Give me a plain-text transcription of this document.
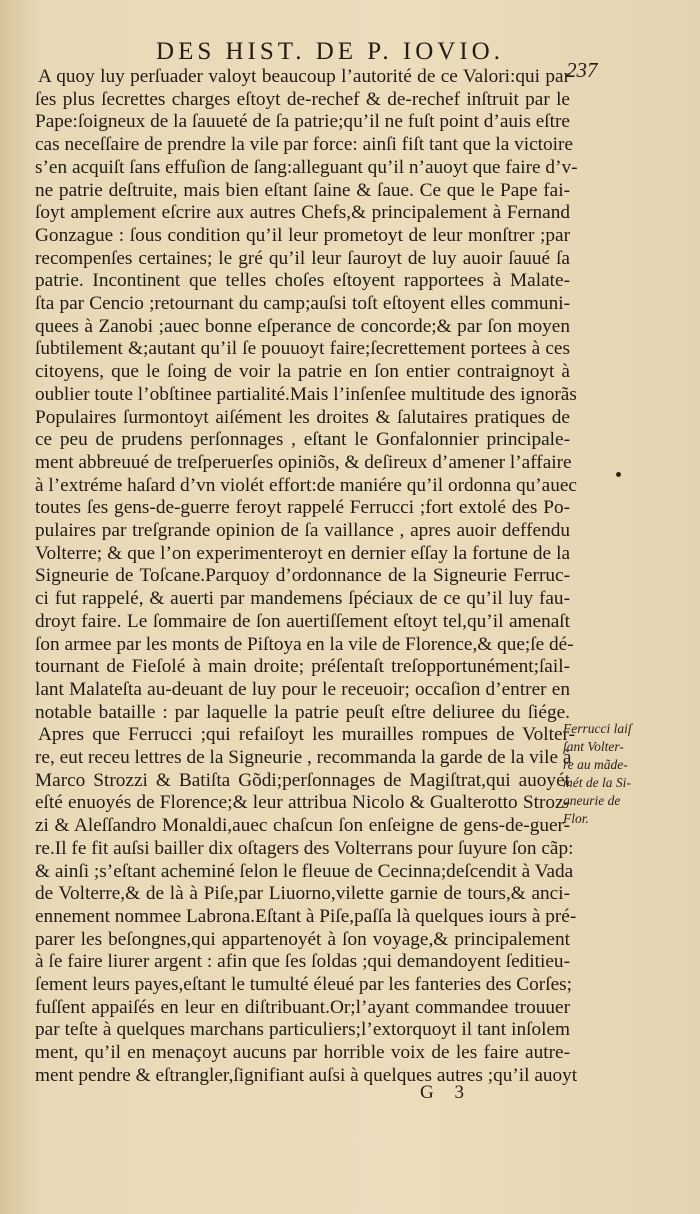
DES HIST. DE P. IOVIO.
237
A quoy luy perſuader valoyt beaucoup l’autorité de ce Valori:qui par
ſes plus ſecrettes charges eſtoyt de-rechef & de-rechef inſtruit par le
Pape:ſoigneux de la ſauueté de ſa patrie;qu’il ne fuſt point d’auis eſtre
cas neceſſaire de prendre la vile par force: ainſi fiſt tant que la victoire
s’en acquiſt ſans effuſion de ſang:alleguant qu’il n’auoyt que faire d’v-
ne patrie deſtruite, mais bien eſtant ſaine & ſaue. Ce que le Pape fai-
ſoyt amplement eſcrire aux autres Chefs,& principalement à Fernand
Gonzague : ſous condition qu’il leur prometoyt de leur monſtrer ;par
recompenſes certaines; le gré qu’il leur ſauroyt de luy auoir ſauué ſa
patrie. Incontinent que telles choſes eſtoyent rapportees à Malate-
ſta par Cencio ;retournant du camp;auſsi toſt eſtoyent elles communi-
quees à Zanobi ;auec bonne eſperance de concorde;& par ſon moyen
ſubtilement &;autant qu’il ſe pouuoyt faire;ſecrettement portees à ces
citoyens, que le ſoing de voir la patrie en ſon entier contraignoyt à
oublier toute l’obſtinee partialité.Mais l’inſenſee multitude des ignorãs
Populaires ſurmontoyt aiſément les droites & ſalutaires pratiques de
ce peu de prudens perſonnages , eſtant le Gonfalonnier principale-
ment abbreuué de treſperuerſes opiniõs, & deſireux d’amener l’affaire
à l’extréme haſard d’vn violét effort:de maniére qu’il ordonna qu’auec
toutes ſes gens-de-guerre feroyt rappelé Ferrucci ;fort extolé des Po-
pulaires par treſgrande opinion de ſa vaillance , apres auoir deffendu
Volterre; & que l’on experimenteroyt en dernier eſſay la fortune de la
Signeurie de Toſcane.Parquoy d’ordonnance de la Signeurie Ferruc-
ci fut rappelé, & auerti par mandemens ſpéciaux de ce qu’il luy fau-
droyt faire. Le ſommaire de ſon auertiſſement eſtoyt tel,qu’il amenaſt
ſon armee par les monts de Piſtoya en la vile de Florence,& que;ſe dé-
tournant de Fieſolé à main droite; préſentaſt treſopportunément;ſail-
lant Malateſta au-deuant de luy pour le receuoir; occaſion d’entrer en
notable bataille : par laquelle la patrie peuſt eſtre deliuree du ſiége.
Apres que Ferrucci ;qui refaiſoyt les murailles rompues de Volter-
re, eut receu lettres de la Signeurie , recommanda la garde de la vile à
Marco Strozzi & Batiſta Gõdi;perſonnages de Magiſtrat,qui auoyét
eſté enuoyés de Florence;& leur attribua Nicolo & Gualterotto Stroz-
zi & Aleſſandro Monaldi,auec chaſcun ſon enſeigne de gens-de-guer-
re.Il fe fit auſsi bailler dix oſtagers des Volterrans pour ſuyure ſon cãp:
& ainſi ;s’eſtant acheminé ſelon le fleuue de Cecinna;deſcendit à Vada
de Volterre,& de là à Piſe,par Liuorno,vilette garnie de tours,& anci-
ennement nommee Labrona.Eſtant à Piſe,paſſa là quelques iours à pré-
parer les beſongnes,qui appartenoyét à ſon voyage,& principalement
à ſe faire liurer argent : afin que ſes ſoldas ;qui demandoyent ſeditieu-
ſement leurs payes,eſtant le tumulté éleué par les fanteries des Corſes;
fuſſent appaiſés en leur en diſtribuant.Or;l’ayant commandee trouuer
par teſte à quelques marchans particuliers;l’extorquoyt il tant inſolem
ment, qu’il en menaçoyt aucuns par horrible voix de les faire autre-
ment pendre & eſtrangler,ſignifiant auſsi à quelques autres ;qu’il auoyt
Ferrucci laiſ
ſant Volter-
re au mãde-
mét de la Si-
gneurie de
Flor.
G 3
